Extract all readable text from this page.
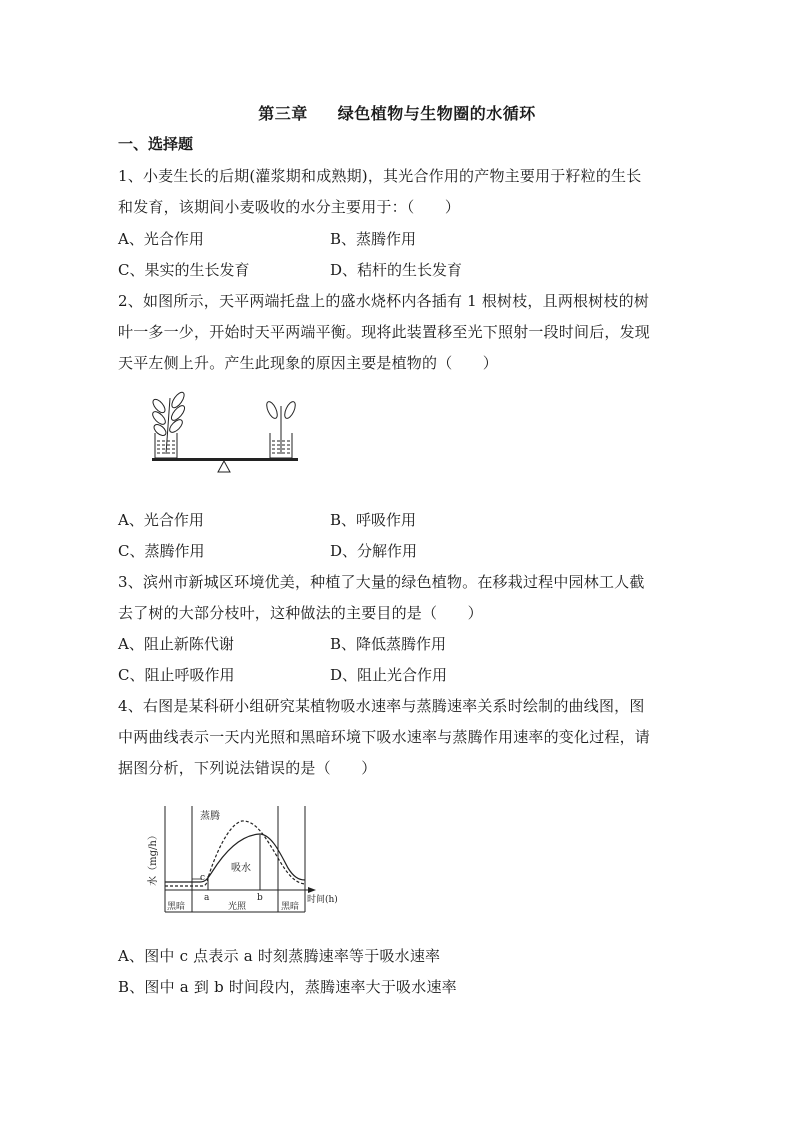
第三章 绿色植物与生物圈的水循环
一、选择题
1、小麦生长的后期(灌浆期和成熟期)，其光合作用的产物主要用于籽粒的生长
和发育，该期间小麦吸收的水分主要用于：（　　）
A、光合作用	B、蒸腾作用
C、果实的生长发育	D、秸杆的生长发育
2、如图所示，天平两端托盘上的盛水烧杯内各插有 1 根树枝，且两根树枝的树
叶一多一少，开始时天平两端平衡。现将此装置移至光下照射一段时间后，发现
天平左侧上升。产生此现象的原因主要是植物的（　　）
A、光合作用	B、呼吸作用
C、蒸腾作用	D、分解作用
3、滨州市新城区环境优美，种植了大量的绿色植物。在移栽过程中园林工人截
去了树的大部分枝叶，这种做法的主要目的是（　　）
A、阻止新陈代谢	B、降低蒸腾作用
C、阻止呼吸作用	D、阻止光合作用
4、右图是某科研小组研究某植物吸水速率与蒸腾速率关系时绘制的曲线图，图
中两曲线表示一天内光照和黑暗环境下吸水速率与蒸腾作用速率的变化过程，请
据图分析，下列说法错误的是（　　）
水（mg/h）
蒸腾
吸水
c
a	b
黑暗	光照	黑暗
时间(h)
A、图中 c 点表示 a 时刻蒸腾速率等于吸水速率
B、图中 a 到 b 时间段内，蒸腾速率大于吸水速率
